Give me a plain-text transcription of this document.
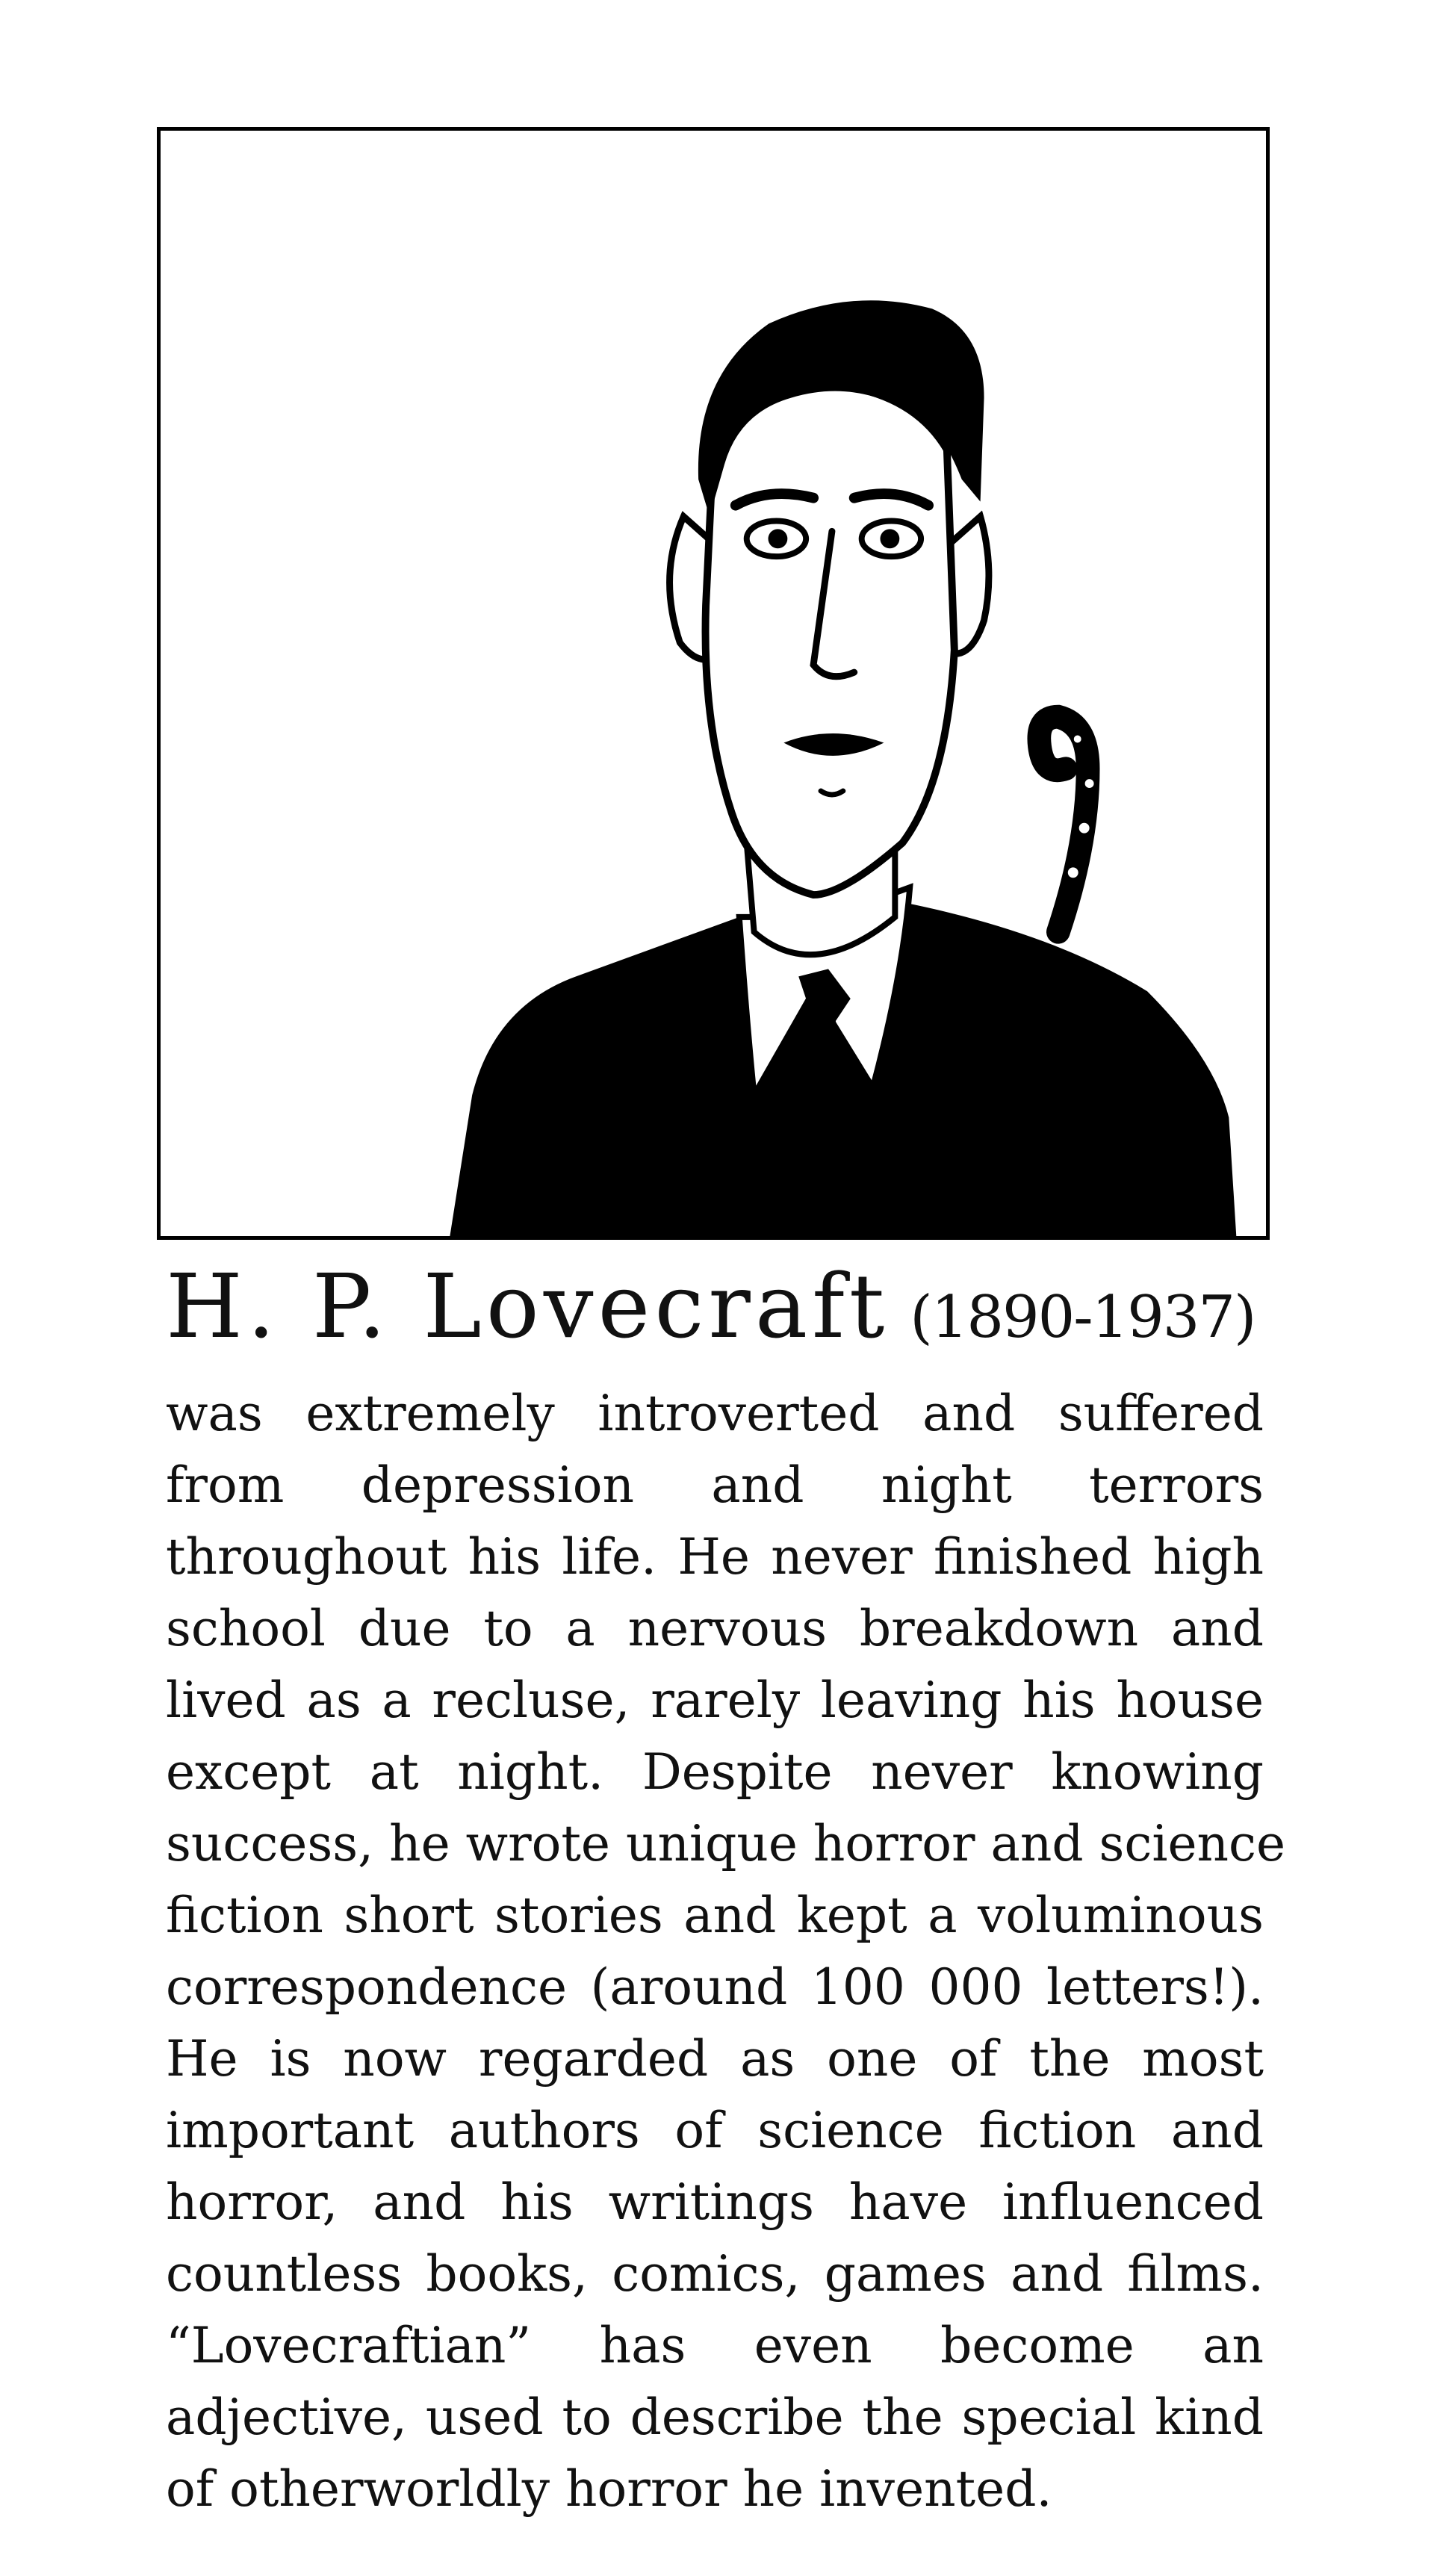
H. P. Lovecraft (1890-1937)
was extremely introverted and suffered
from depression and night terrors
throughout his life. He never finished high
school due to a nervous breakdown and
lived as a recluse, rarely leaving his house
except at night. Despite never knowing
success, he wrote unique horror and science
fiction short stories and kept a voluminous
correspondence (around 100 000 letters!).
He is now regarded as one of the most
important authors of science fiction and
horror, and his writings have influenced
countless books, comics, games and films.
“Lovecraftian” has even become an
adjective, used to describe the special kind
of otherworldly horror he invented.
